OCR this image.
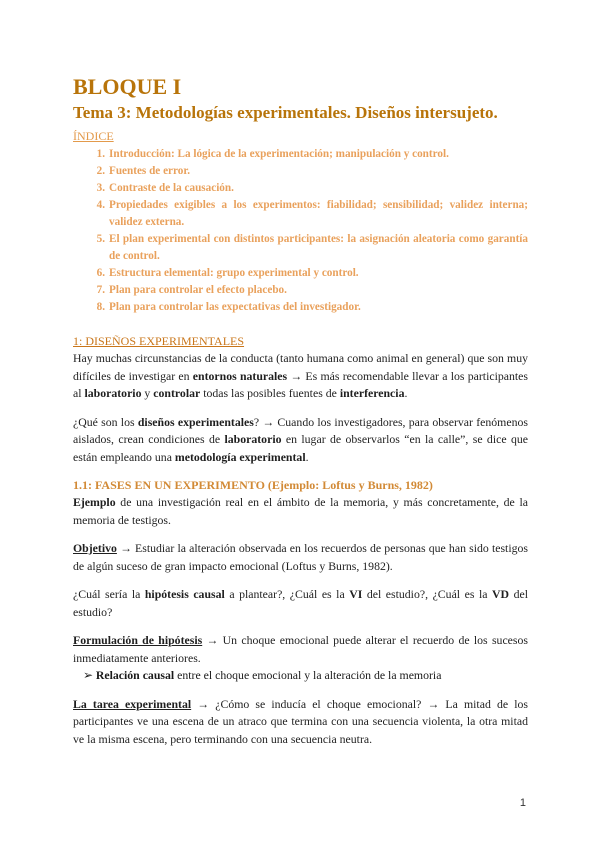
BLOQUE I
Tema 3: Metodologías experimentales. Diseños intersujeto.
ÍNDICE
1. Introducción: La lógica de la experimentación; manipulación y control.
2. Fuentes de error.
3. Contraste de la causación.
4. Propiedades exigibles a los experimentos: fiabilidad; sensibilidad; validez interna; validez externa.
5. El plan experimental con distintos participantes: la asignación aleatoria como garantía de control.
6. Estructura elemental: grupo experimental y control.
7. Plan para controlar el efecto placebo.
8. Plan para controlar las expectativas del investigador.
1: DISEÑOS EXPERIMENTALES

Hay muchas circunstancias de la conducta (tanto humana como animal en general) que son muy difíciles de investigar en entornos naturales → Es más recomendable llevar a los participantes al laboratorio y controlar todas las posibles fuentes de interferencia.

¿Qué son los diseños experimentales? → Cuando los investigadores, para observar fenómenos aislados, crean condiciones de laboratorio en lugar de observarlos “en la calle”, se dice que están empleando una metodología experimental.

1.1: FASES EN UN EXPERIMENTO (Ejemplo: Loftus y Burns, 1982)

Ejemplo de una investigación real en el ámbito de la memoria, y más concretamente, de la memoria de testigos.

Objetivo → Estudiar la alteración observada en los recuerdos de personas que han sido testigos de algún suceso de gran impacto emocional (Loftus y Burns, 1982).

¿Cuál sería la hipótesis causal a plantear?, ¿Cuál es la VI del estudio?, ¿Cuál es la VD del estudio?

Formulación de hipótesis → Un choque emocional puede alterar el recuerdo de los sucesos inmediatamente anteriores.

➢ Relación causal entre el choque emocional y la alteración de la memoria

La tarea experimental → ¿Cómo se inducía el choque emocional? → La mitad de los participantes ve una escena de un atraco que termina con una secuencia violenta, la otra mitad ve la misma escena, pero terminando con una secuencia neutra.

1
